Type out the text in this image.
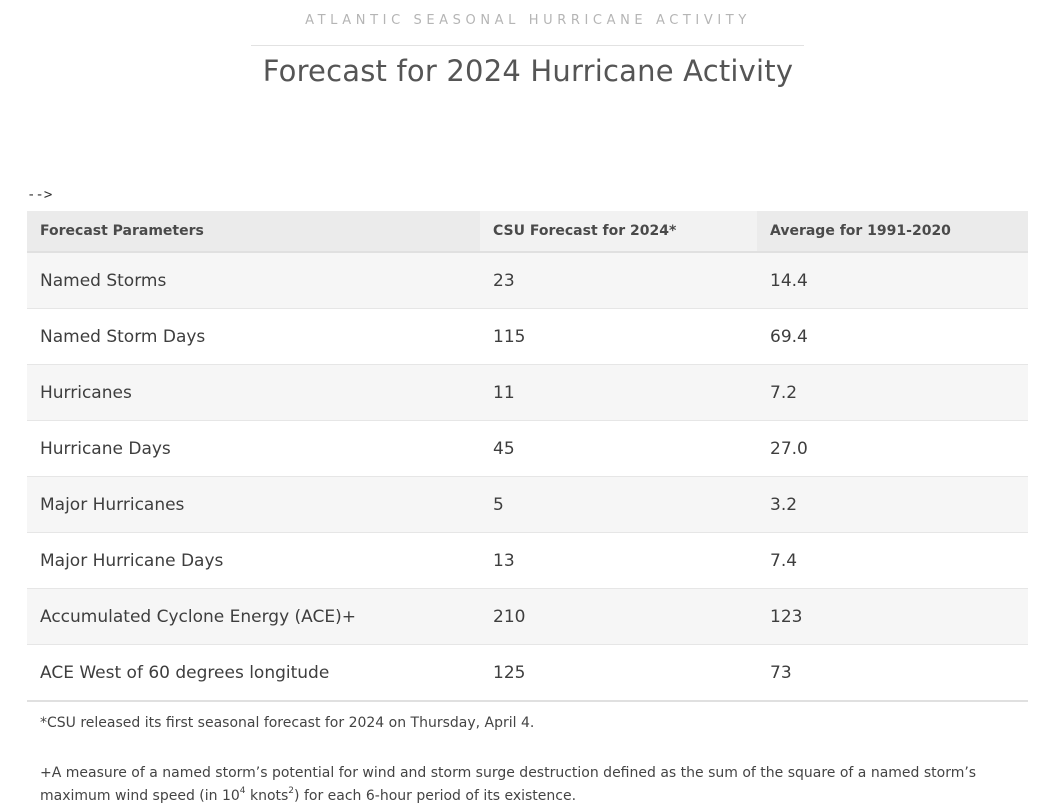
ATLANTIC SEASONAL HURRICANE ACTIVITY
Forecast for 2024 Hurricane Activity
-->
Forecast Parameters	CSU Forecast for 2024*	Average for 1991-2020
Named Storms	23	14.4
Named Storm Days	115	69.4
Hurricanes	11	7.2
Hurricane Days	45	27.0
Major Hurricanes	5	3.2
Major Hurricane Days	13	7.4
Accumulated Cyclone Energy (ACE)+	210	123
ACE West of 60 degrees longitude	125	73
*CSU released its first seasonal forecast for 2024 on Thursday, April 4.
+A measure of a named storm’s potential for wind and storm surge destruction defined as the sum of the square of a named storm’s maximum wind speed (in $10^4$ knots$^2$) for each 6-hour period of its existence.
